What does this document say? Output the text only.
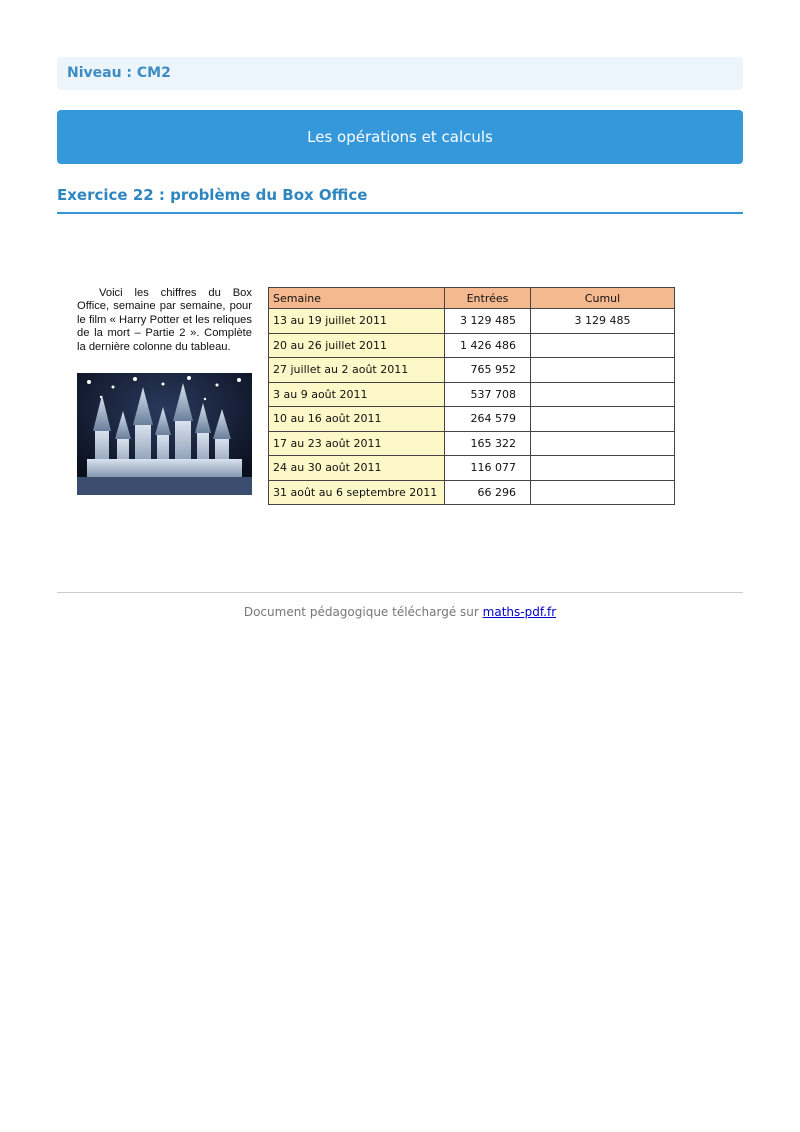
Niveau : CM2
Les opérations et calculs
Exercice 22 : problème du Box Office

Voici les chiffres du Box Office, semaine par semaine, pour le film « Harry Potter et les reliques de la mort – Partie 2 ». Complète la dernière colonne du tableau.

Semaine	Entrées	Cumul
13 au 19 juillet 2011	3 129 485	3 129 485
20 au 26 juillet 2011	1 426 486	
27 juillet au 2 août 2011	765 952	
3 au 9 août 2011	537 708	
10 au 16 août 2011	264 579	
17 au 23 août 2011	165 322	
24 au 30 août 2011	116 077	
31 août au 6 septembre 2011	66 296	
Document pédagogique téléchargé sur maths-pdf.fr
